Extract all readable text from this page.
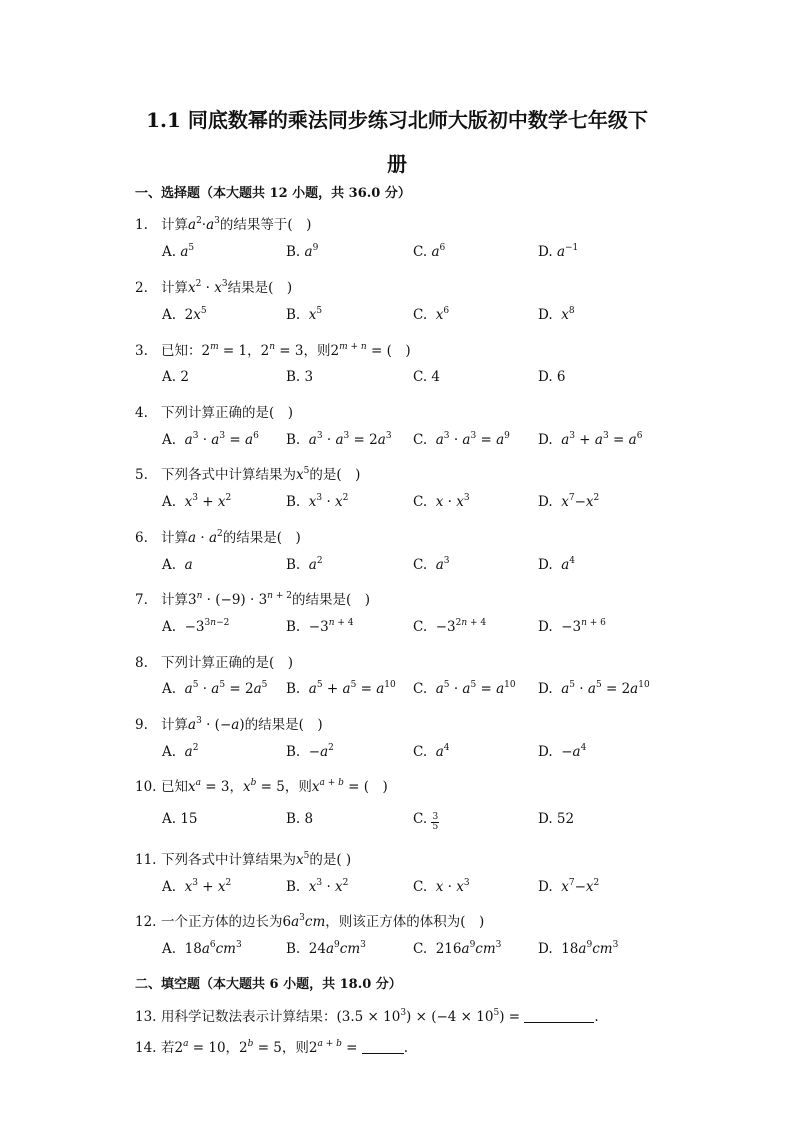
1.1 同底数幂的乘法同步练习北师大版初中数学七年级下
册
一、选择题（本大题共 12 小题，共 36.0 分）
1. 计算$a^2\cdot a^3$的结果等于(　)
A. $a^5$	B. $a^9$	C. $a^6$	D. $a^{-1}$
2. 计算$x^2 \cdot x^3$结果是(　)
A.  $2x^5$	B.  $x^5$	C.  $x^6$	D.  $x^8$
3. 已知：$2^m = 1$，$2^n = 3$，则$2^{m + n}$ = (　)
A. 2	B. 3	C. 4	D. 6
4. 下列计算正确的是(　)
A.  $a^3 \cdot a^3 = a^6$ B.  $a^3 \cdot a^3 = 2a^3$ C.  $a^3 \cdot a^3 = a^9$ D.  $a^3 + a^3 = a^6$
5. 下列各式中计算结果为$x^5$的是(　)
A.  $x^3 + x^2$	B.  $x^3 \cdot x^2$	C.  $x \cdot x^3$	D.  $x^7-x^2$
6. 计算$a \cdot a^2$的结果是(　)
A.  a	B.  $a^2$	C.  $a^3$	D.  $a^4$
7. 计算$3^n \cdot (-9) \cdot 3^{n + 2}$的结果是(　)
A.  $-3^{3n-2}$	B.  $-3^{n + 4}$	C.  $-3^{2n + 4}$	D.  $-3^{n + 6}$
8. 下列计算正确的是(　)
A.  $a^5 \cdot a^5 = 2a^5$ B.  $a^5 + a^5 = a^{10}$ C.  $a^5 \cdot a^5 = a^{10}$ D.  $a^5 \cdot a^5 = 2a^{10}$
9. 计算$a^3 \cdot (-a)$的结果是(　)
A.  $a^2$	B.  $-a^2$	C.  $a^4$	D.  $-a^4$
10. 已知$x^a = 3$，$x^b = 5$，则$x^{a + b}$ = (　)
A. 15	B. 8	C. $\frac{3}{5}$	D. 52
11. 下列各式中计算结果为$x^5$的是( )
A.  $x^3 + x^2$	B.  $x^3 \cdot x^2$	C.  $x \cdot x^3$	D.  $x^7-x^2$
12. 一个正方体的边长为$6a^3cm$，则该正方体的体积为(　)
A.  $18a^6cm^3$	B.  $24a^9cm^3$	C.  $216a^9cm^3$	D.  $18a^9cm^3$
二、填空题（本大题共 6 小题，共 18.0 分）
13. 用科学记数法表示计算结果：$(3.5 \times 10^3) \times (-4 \times 10^5)$ =	.
14. 若$2^a = 10$，$2^b = 5$，则$2^{a + b}$ =	.
